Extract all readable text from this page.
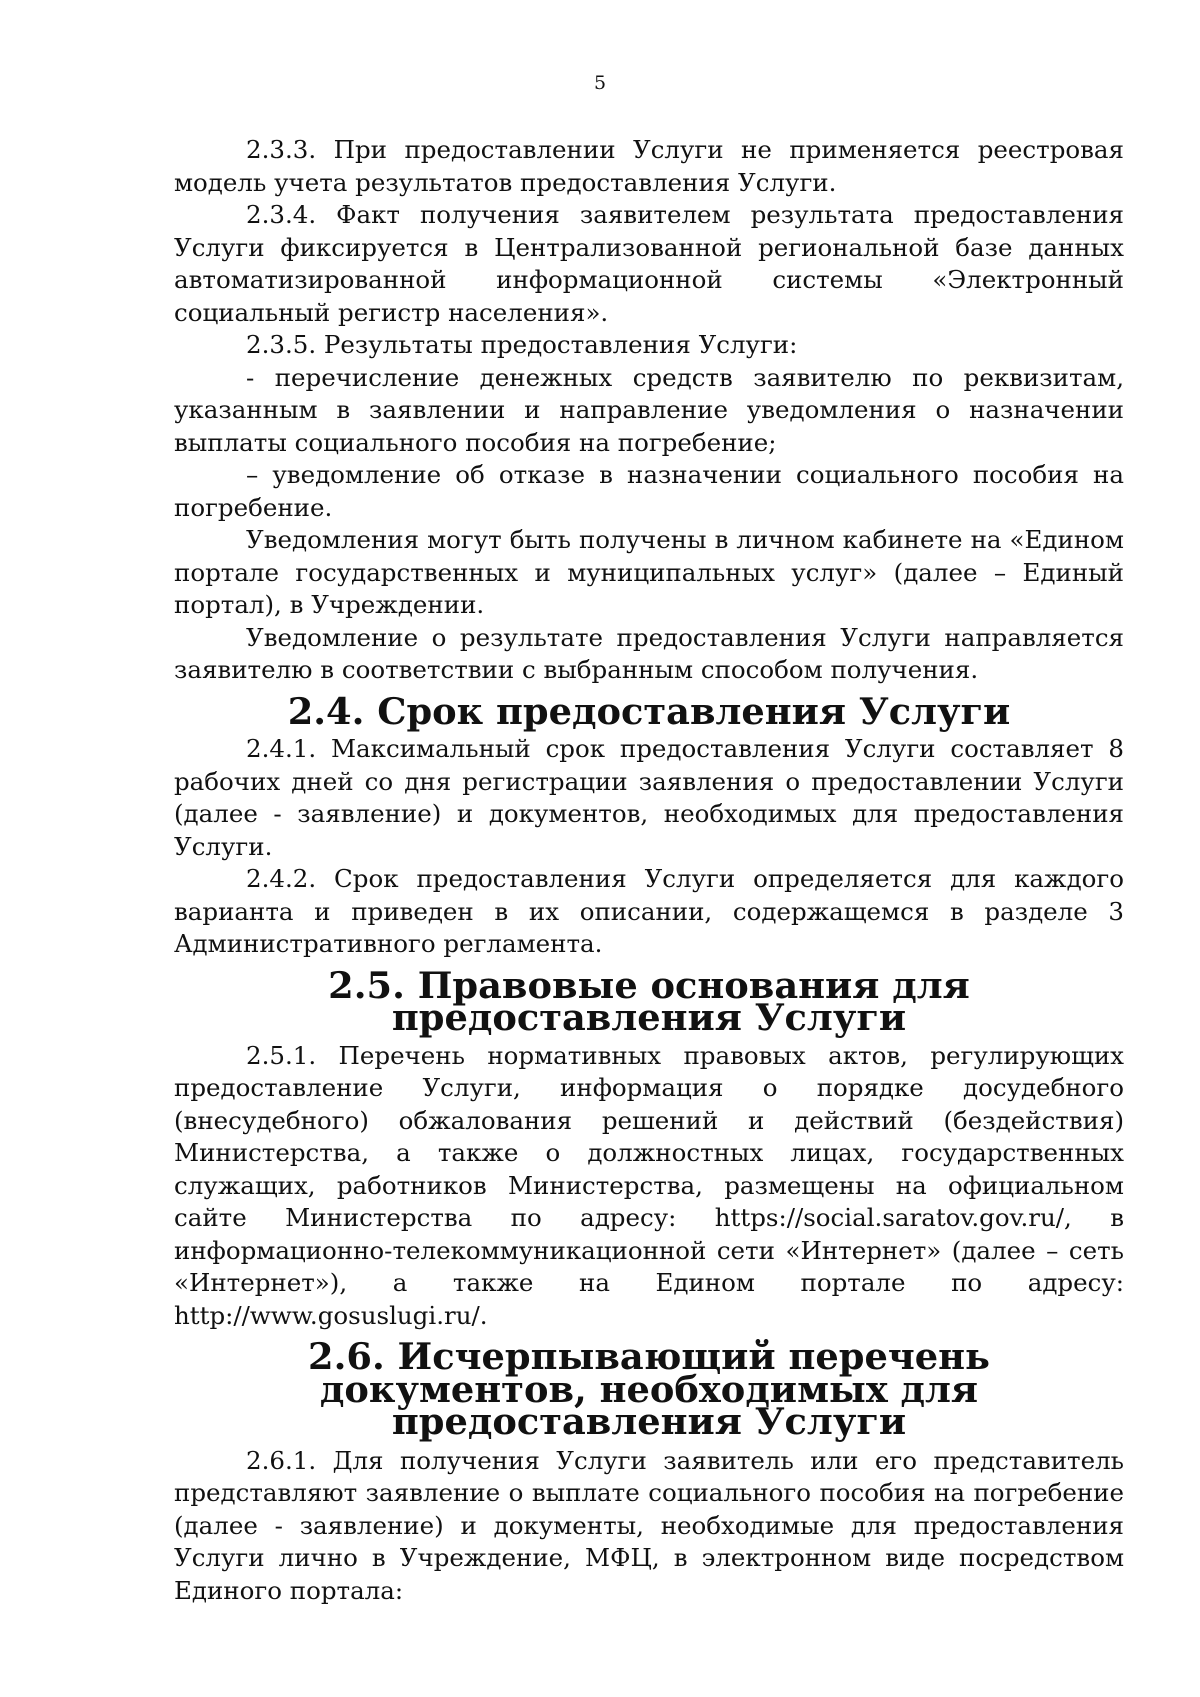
5

2.3.3. При предоставлении Услуги не применяется реестровая модель учета результатов предоставления Услуги.

2.3.4. Факт получения заявителем результата предоставления Услуги фиксируется в Централизованной региональной базе данных автоматизированной информационной системы «Электронный социальный регистр населения».

2.3.5. Результаты предоставления Услуги:

- перечисление денежных средств заявителю по реквизитам, указанным в заявлении и направление уведомления о назначении выплаты социального пособия на погребение;

– уведомление об отказе в назначении социального пособия на погребение.

Уведомления могут быть получены в личном кабинете на «Едином портале государственных и муниципальных услуг» (далее – Единый портал), в Учреждении.

Уведомление о результате предоставления Услуги направляется заявителю в соответствии с выбранным способом получения.

2.4. Срок предоставления Услуги

2.4.1. Максимальный срок предоставления Услуги составляет 8 рабочих дней со дня регистрации заявления о предоставлении Услуги (далее - заявление) и документов, необходимых для предоставления Услуги.

2.4.2. Срок предоставления Услуги определяется для каждого варианта и приведен в их описании, содержащемся в разделе 3 Административного регламента.

2.5. Правовые основания для предоставления Услуги

2.5.1. Перечень нормативных правовых актов, регулирующих предоставление Услуги, информация о порядке досудебного (внесудебного) обжалования решений и действий (бездействия) Министерства, а также о должностных лицах, государственных служащих, работников Министерства, размещены на официальном сайте Министерства по адресу: https://social.saratov.gov.ru/, в информационно-телекоммуникационной сети «Интернет» (далее – сеть «Интернет»), а также на Едином портале по адресу: http://www.gosuslugi.ru/.

2.6. Исчерпывающий перечень документов, необходимых для предоставления Услуги

2.6.1. Для получения Услуги заявитель или его представитель представляют заявление о выплате социального пособия на погребение (далее - заявление) и документы, необходимые для предоставления Услуги лично в Учреждение, МФЦ, в электронном виде посредством Единого портала:
